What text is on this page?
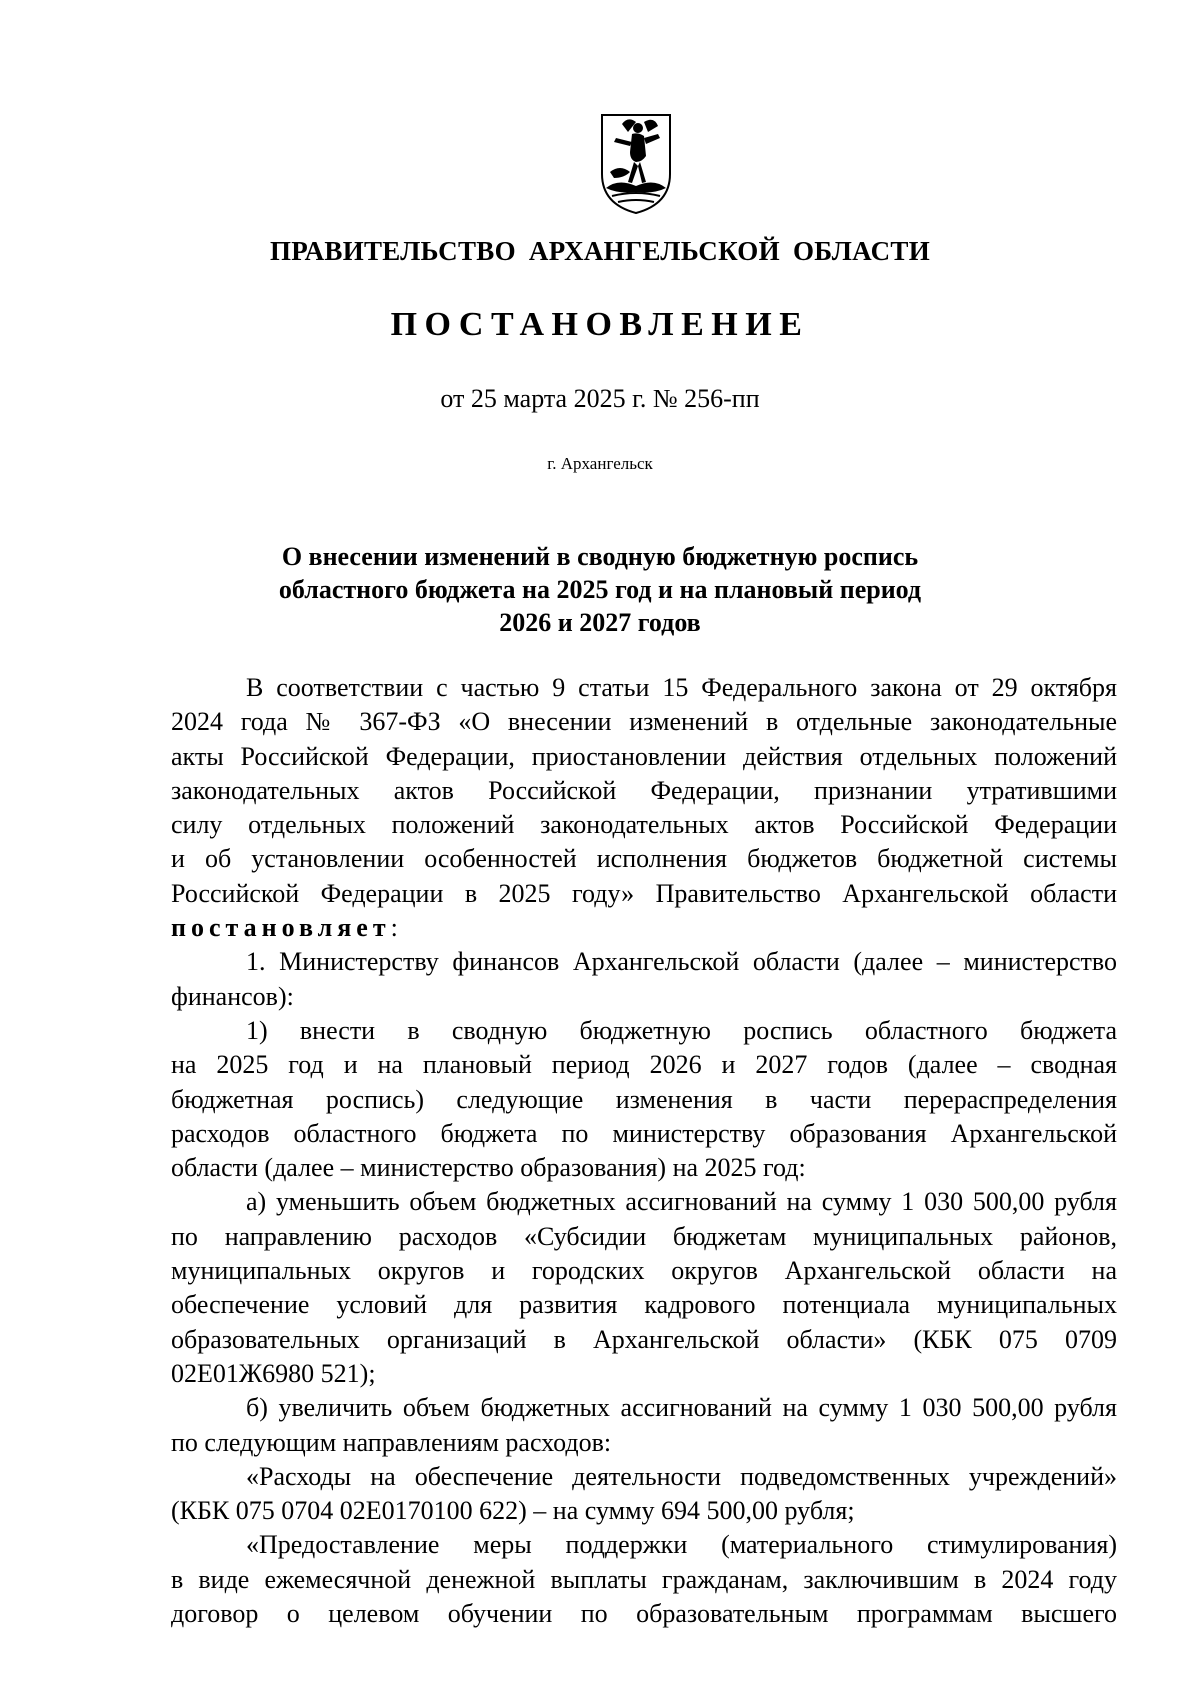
ПРАВИТЕЛЬСТВО АРХАНГЕЛЬСКОЙ ОБЛАСТИ
ПОСТАНОВЛЕНИЕ
от 25 марта 2025 г. № 256-пп
г. Архангельск
О внесении изменений в сводную бюджетную роспись
областного бюджета на 2025 год и на плановый период
2026 и 2027 годов
В соответствии с частью 9 статьи 15 Федерального закона от 29 октября
2024 года № 367-ФЗ «О внесении изменений в отдельные законодательные
акты Российской Федерации, приостановлении действия отдельных положений
законодательных актов Российской Федерации, признании утратившими
силу отдельных положений законодательных актов Российской Федерации
и об установлении особенностей исполнения бюджетов бюджетной системы
Российской Федерации в 2025 году» Правительство Архангельской области
постановляет:
1. Министерству финансов Архангельской области (далее – министерство
финансов):
1) внести в сводную бюджетную роспись областного бюджета
на 2025 год и на плановый период 2026 и 2027 годов (далее – сводная
бюджетная роспись) следующие изменения в части перераспределения
расходов областного бюджета по министерству образования Архангельской
области (далее – министерство образования) на 2025 год:
а) уменьшить объем бюджетных ассигнований на сумму 1 030 500,00 рубля
по направлению расходов «Субсидии бюджетам муниципальных районов,
муниципальных округов и городских округов Архангельской области на
обеспечение условий для развития кадрового потенциала муниципальных
образовательных организаций в Архангельской области» (КБК 075 0709
02Е01Ж6980 521);
б) увеличить объем бюджетных ассигнований на сумму 1 030 500,00 рубля
по следующим направлениям расходов:
«Расходы на обеспечение деятельности подведомственных учреждений»
(КБК 075 0704 02Е0170100 622) – на сумму 694 500,00 рубля;
«Предоставление меры поддержки (материального стимулирования)
в виде ежемесячной денежной выплаты гражданам, заключившим в 2024 году
договор о целевом обучении по образовательным программам высшего
